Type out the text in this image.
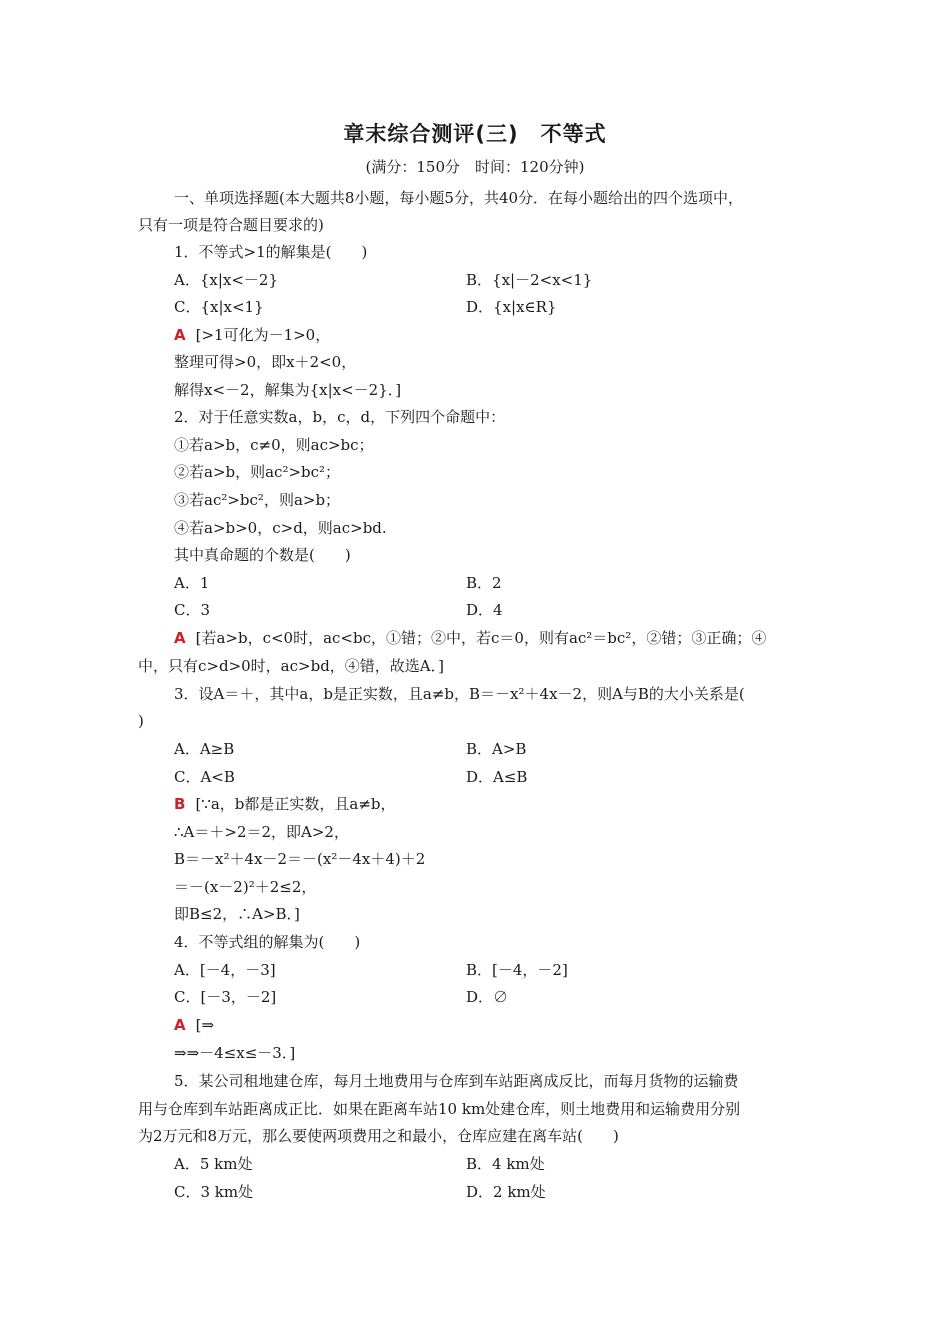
章末综合测评(三)　不等式
(满分：150分　时间：120分钟)
一、单项选择题(本大题共8小题，每小题5分，共40分．在每小题给出的四个选项中，
只有一项是符合题目要求的)
1．不等式>1的解集是(　　)
A．{x|x<－2}	B．{x|－2<x<1}
C．{x|x<1}	D．{x|x∈R}
A [>1可化为－1>0，
整理可得>0，即x＋2<0，
解得x<－2，解集为{x|x<－2}．]
2．对于任意实数a，b，c，d，下列四个命题中：
①若a>b，c≠0，则ac>bc；
②若a>b，则ac²>bc²；
③若ac²>bc²，则a>b；
④若a>b>0，c>d，则ac>bd.
其中真命题的个数是(　　)
A．1	B．2
C．3	D．4
A [若a>b，c<0时，ac<bc，①错；②中，若c＝0，则有ac²＝bc²，②错；③正确；④
中，只有c>d>0时，ac>bd，④错，故选A．]
3．设A＝＋，其中a，b是正实数，且a≠b，B＝－x²＋4x－2，则A与B的大小关系是(
)
A．A≥B	B．A>B
C．A<B	D．A≤B
B [∵a，b都是正实数，且a≠b，
∴A＝＋>2＝2，即A>2，
B＝－x²＋4x－2＝－(x²－4x＋4)＋2
＝－(x－2)²＋2≤2，
即B≤2，∴A>B．]
4．不等式组的解集为(　　)
A．[－4，－3]	B．[－4，－2]
C．[－3，－2]	D．∅
A [⇒
⇒⇒－4≤x≤－3．]
5．某公司租地建仓库，每月土地费用与仓库到车站距离成反比，而每月货物的运输费
用与仓库到车站距离成正比．如果在距离车站10 km处建仓库，则土地费用和运输费用分别
为2万元和8万元，那么要使两项费用之和最小，仓库应建在离车站(　　)
A．5 km处	B．4 km处
C．3 km处	D．2 km处
